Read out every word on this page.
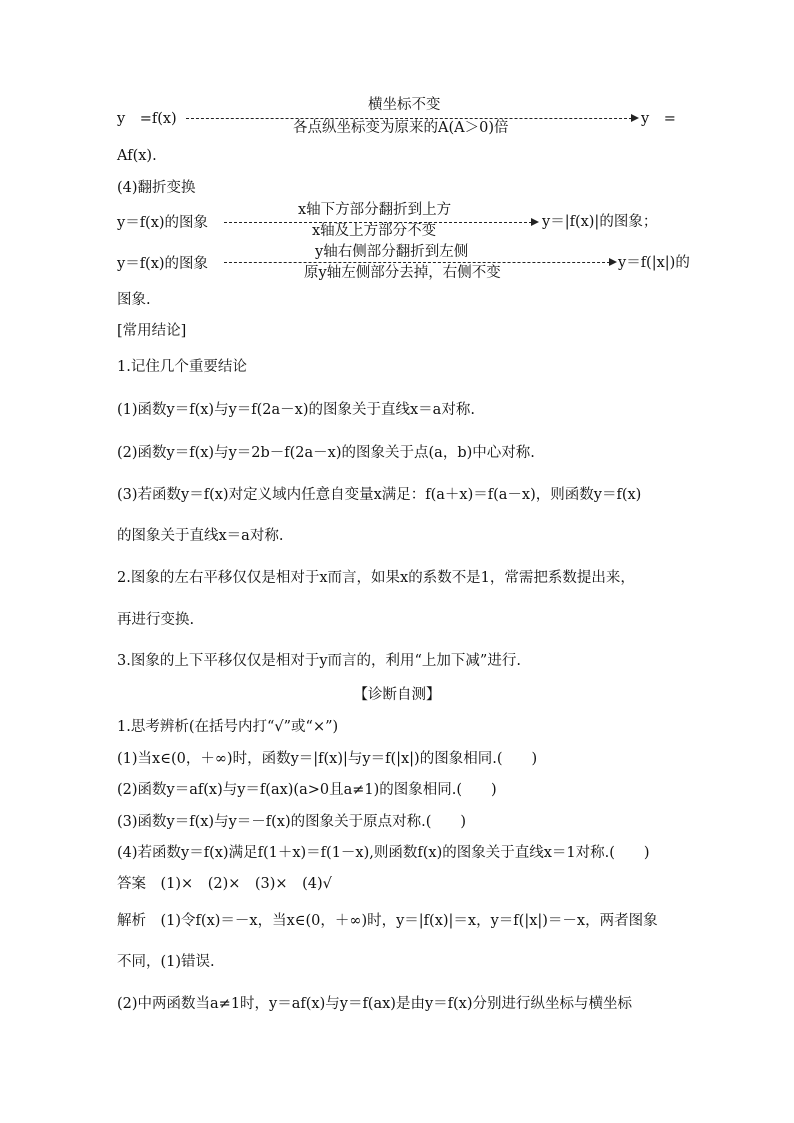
y　=f(x)
横坐标不变
各点纵坐标变为原来的A(A＞0)倍
y　=
Af(x).
(4)翻折变换
y＝f(x)的图象
x轴下方部分翻折到上方
x轴及上方部分不变
y＝|f(x)|的图象；
y＝f(x)的图象
y轴右侧部分翻折到左侧
原y轴左侧部分去掉，右侧不变
y＝f(|x|)的
图象.
[常用结论]
1.记住几个重要结论
(1)函数y＝f(x)与y＝f(2a－x)的图象关于直线x＝a对称.
(2)函数y＝f(x)与y＝2b－f(2a－x)的图象关于点(a，b)中心对称.
(3)若函数y＝f(x)对定义域内任意自变量x满足：f(a＋x)＝f(a－x)，则函数y＝f(x)
的图象关于直线x＝a对称.
2.图象的左右平移仅仅是相对于x而言，如果x的系数不是1，常需把系数提出来，
再进行变换.
3.图象的上下平移仅仅是相对于y而言的，利用“上加下减”进行.
【诊断自测】
1.思考辨析(在括号内打“√”或“×”)
(1)当x∈(0，＋∞)时，函数y＝|f(x)|与y＝f(|x|)的图象相同.(　　)
(2)函数y＝af(x)与y＝f(ax)(a>0且a≠1)的图象相同.(　　)
(3)函数y＝f(x)与y＝－f(x)的图象关于原点对称.(　　)
(4)若函数y＝f(x)满足f(1＋x)＝f(1－x),则函数f(x)的图象关于直线x＝1对称.(　　)
答案　(1)×　(2)×　(3)×　(4)√
解析　(1)令f(x)＝－x，当x∈(0，＋∞)时，y＝|f(x)|＝x，y＝f(|x|)＝－x，两者图象
不同，(1)错误.
(2)中两函数当a≠1时，y＝af(x)与y＝f(ax)是由y＝f(x)分别进行纵坐标与横坐标
